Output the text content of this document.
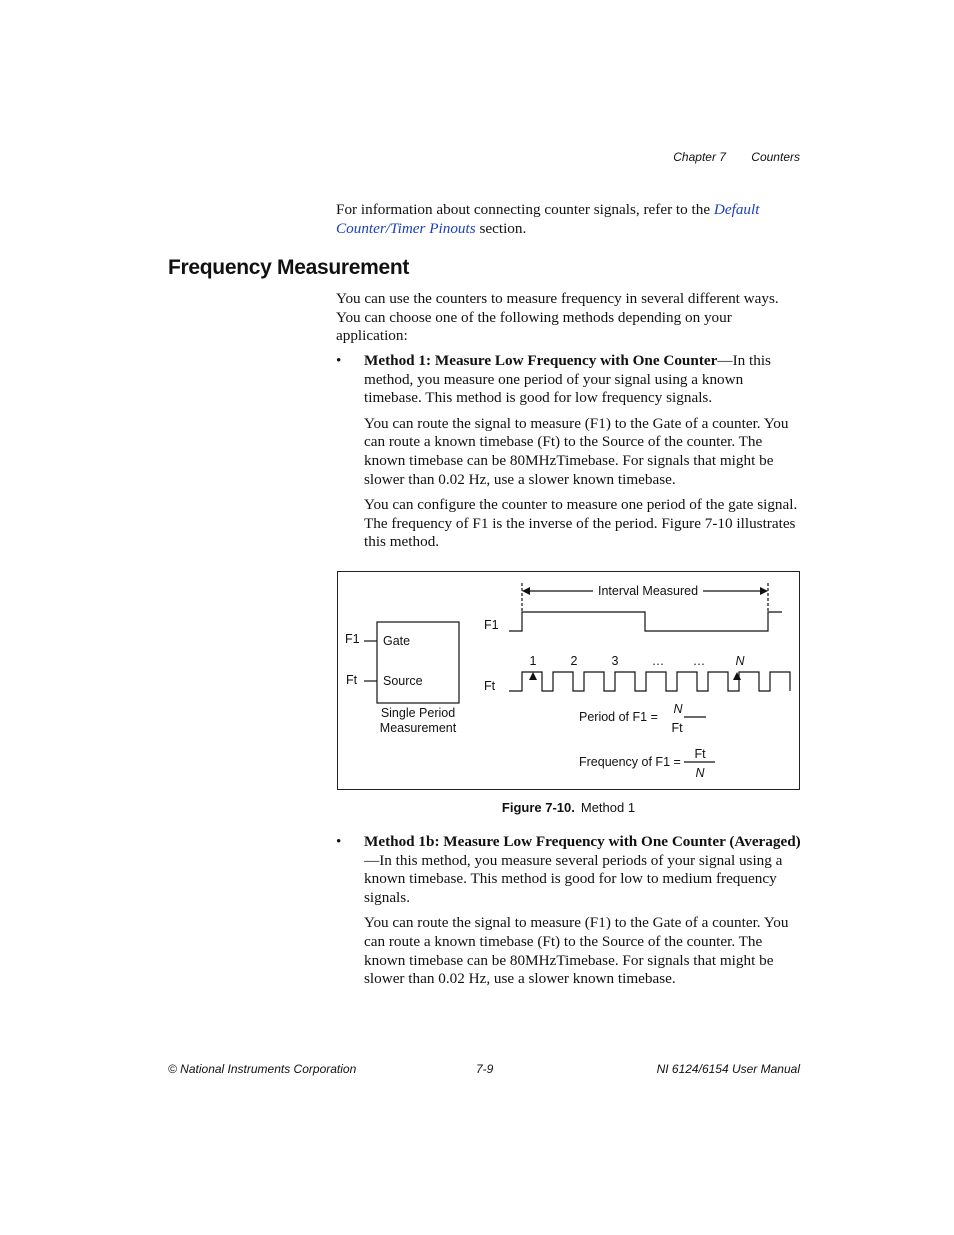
Chapter 7 Counters

For information about connecting counter signals, refer to the Default Counter/Timer Pinouts section.

Frequency Measurement

You can use the counters to measure frequency in several different ways. You can choose one of the following methods depending on your application:

• Method 1: Measure Low Frequency with One Counter—In this method, you measure one period of your signal using a known timebase. This method is good for low frequency signals.

You can route the signal to measure (F1) to the Gate of a counter. You can route a known timebase (Ft) to the Source of the counter. The known timebase can be 80MHzTimebase. For signals that might be slower than 0.02 Hz, use a slower known timebase.

You can configure the counter to measure one period of the gate signal. The frequency of F1 is the inverse of the period. Figure 7-10 illustrates this method.

Interval Measured
F1
Ft
Gate
Source
Single Period
Measurement
F1
Ft
1	2	3	… … N
Period of F1 =
N
Ft
Frequency of F1 =
Ft
N
Figure 7-10. Method 1
• Method 1b: Measure Low Frequency with One Counter (Averaged)—In this method, you measure several periods of your signal using a known timebase. This method is good for low to medium frequency signals.

You can route the signal to measure (F1) to the Gate of a counter. You can route a known timebase (Ft) to the Source of the counter. The known timebase can be 80MHzTimebase. For signals that might be slower than 0.02 Hz, use a slower known timebase.

© National Instruments Corporation	7-9	NI 6124/6154 User Manual
